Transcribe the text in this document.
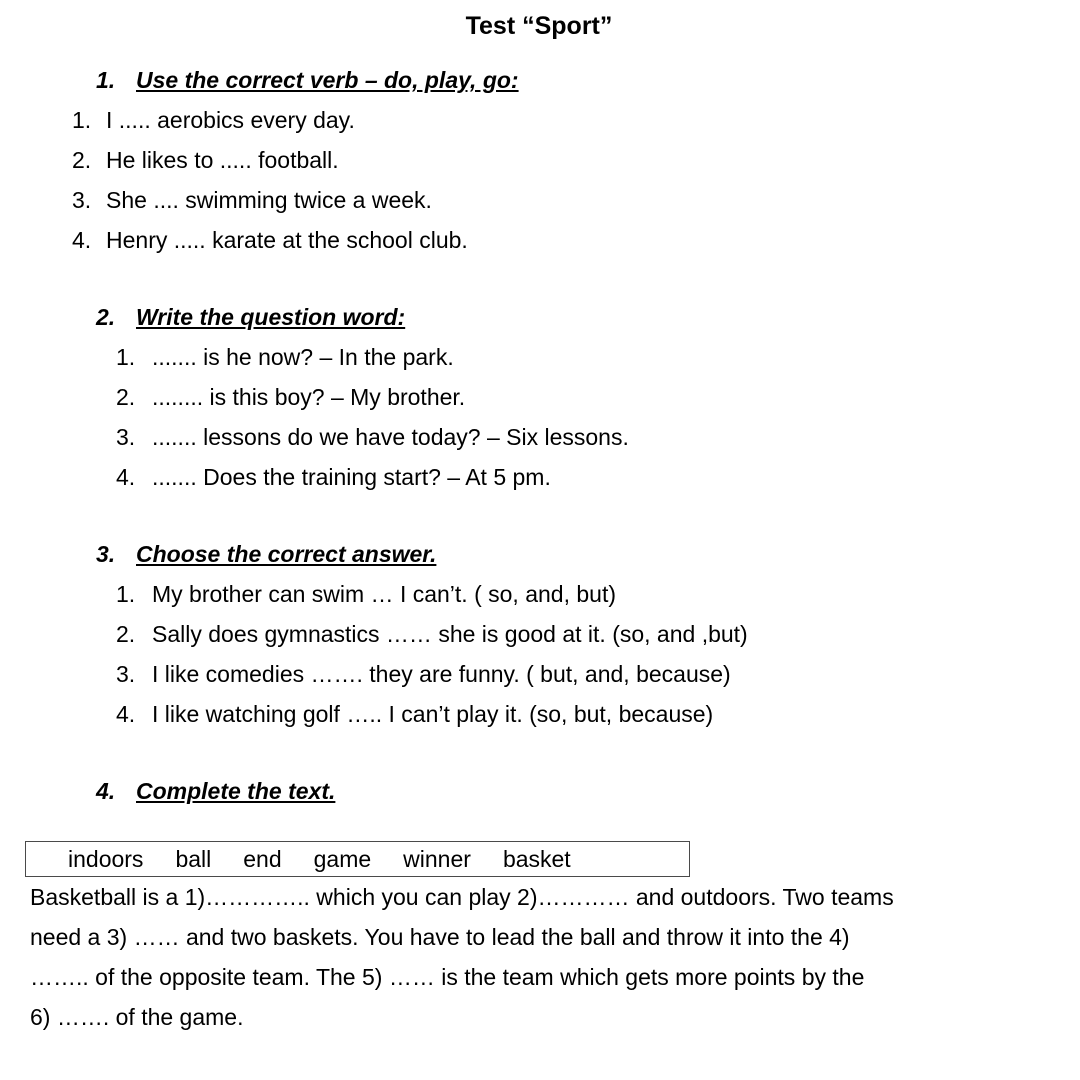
Test “Sport”
1. Use the correct verb – do, play, go:
1. I ..... aerobics every day.
2. He likes to ..... football.
3. She .... swimming twice a week.
4. Henry ..... karate at the school club.
2. Write the question word:
1. ....... is he now? – In the park.
2. ........ is this boy? – My brother.
3. ....... lessons do we have today? – Six lessons.
4. ....... Does the training start? – At 5 pm.
3. Choose the correct answer.
1. My brother can swim … I can’t. ( so, and, but)
2. Sally does gymnastics …… she is good at it. (so, and ,but)
3. I like comedies ……. they are funny. ( but, and, because)
4. I like watching golf ….. I can’t play it. (so, but, because)
4. Complete the text.
indoors ball end game winner basket
Basketball is a 1)………….. which you can play 2)………… and outdoors. Two teams
need a 3) …… and two baskets. You have to lead the ball and throw it into the 4)
…….. of the opposite team. The 5) …… is the team which gets more points by the
6) ……. of the game.
